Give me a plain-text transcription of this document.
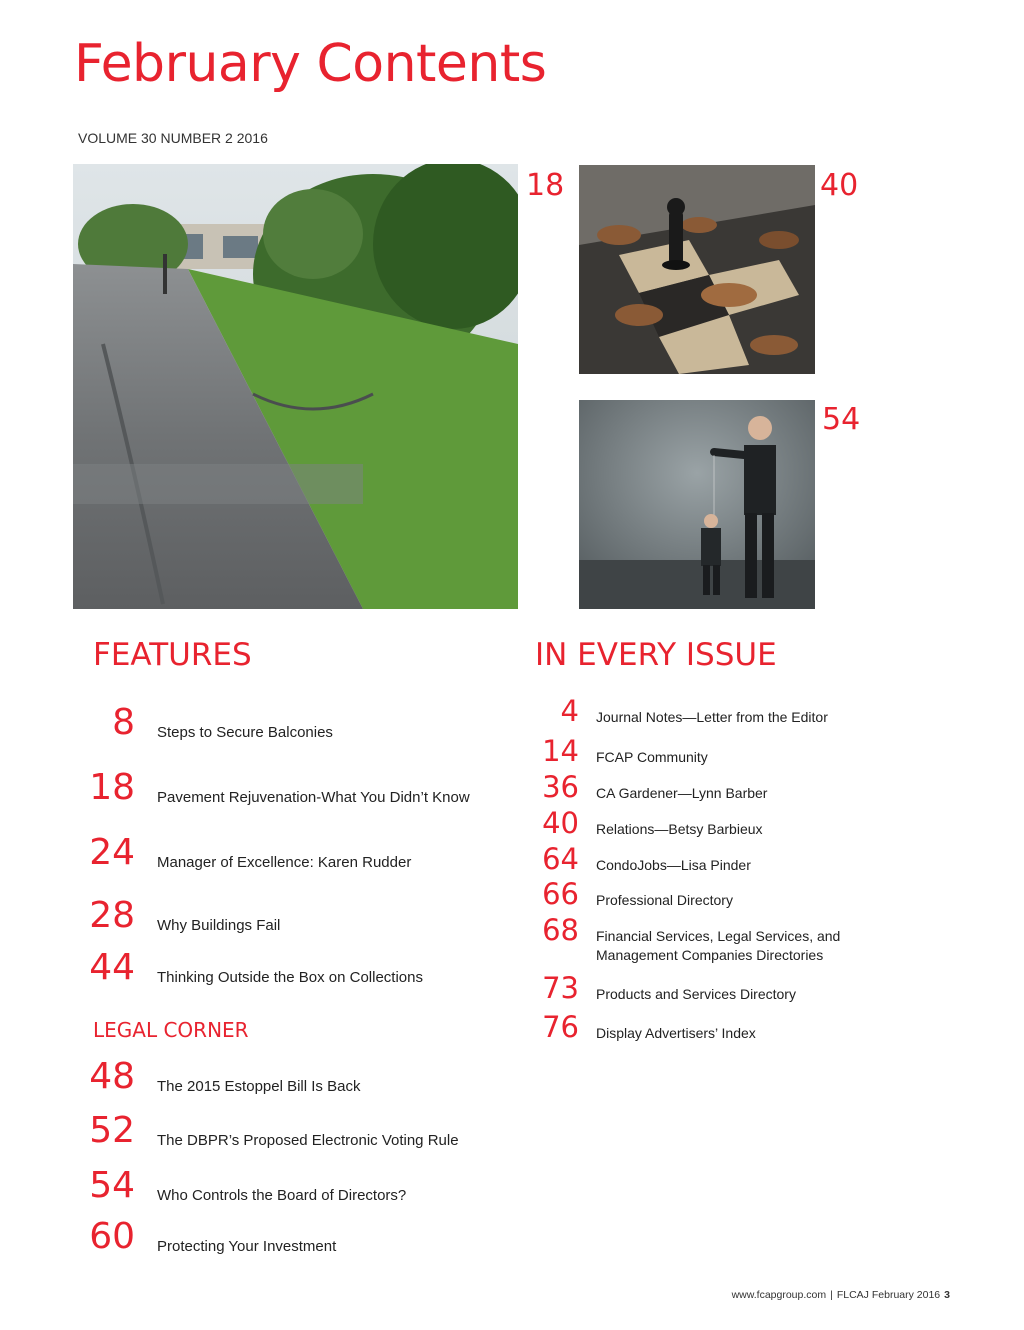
February Contents
VOLUME 30 NUMBER 2 2016
18	40
54
FEATURES
8 Steps to Secure Balconies
18 Pavement Rejuvenation-What You Didn’t Know
24 Manager of Excellence: Karen Rudder
28 Why Buildings Fail
44 Thinking Outside the Box on Collections
LEGAL CORNER
48 The 2015 Estoppel Bill Is Back
52 The DBPR’s Proposed Electronic Voting Rule
54 Who Controls the Board of Directors?
60 Protecting Your Investment
IN EVERY ISSUE
4 Journal Notes—Letter from the Editor
14 FCAP Community
36 CA Gardener—Lynn Barber
40 Relations—Betsy Barbieux
64 CondoJobs—Lisa Pinder
66 Professional Directory
68 Financial Services, Legal Services, and
Management Companies Directories
73 Products and Services Directory
76 Display Advertisers’ Index
www.fcapgroup.com | FLCAJ February 2016 3
